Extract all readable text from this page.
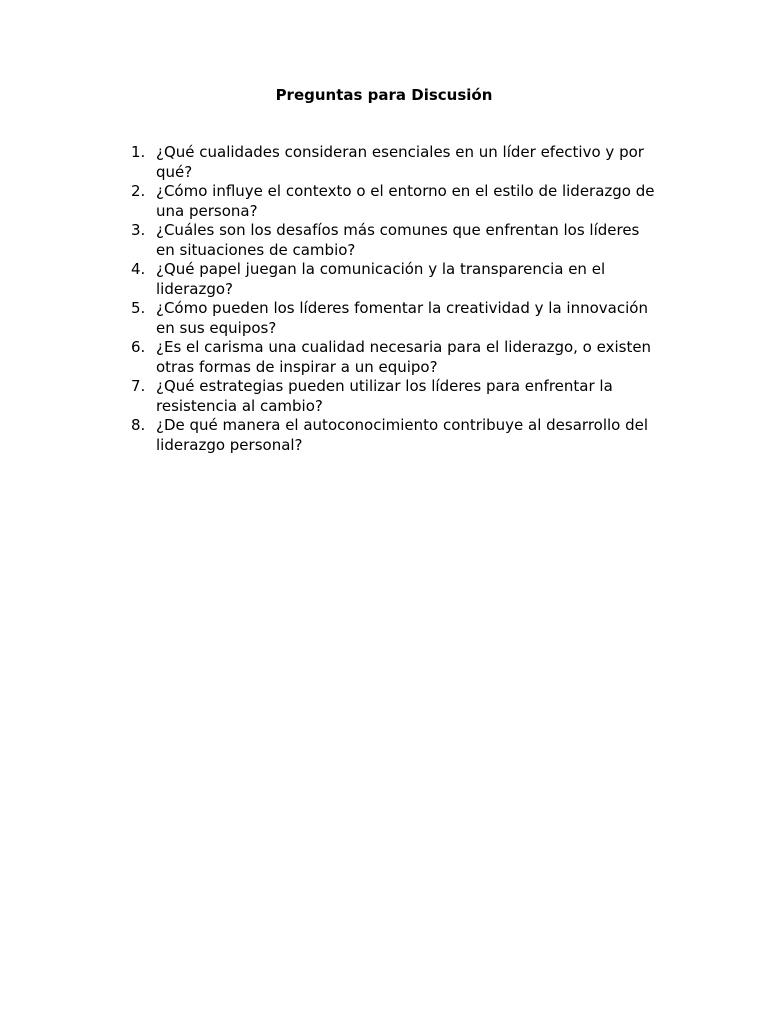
Preguntas para Discusión
1. ¿Qué cualidades consideran esenciales en un líder efectivo y por qué?
2. ¿Cómo influye el contexto o el entorno en el estilo de liderazgo de una persona?
3. ¿Cuáles son los desafíos más comunes que enfrentan los líderes en situaciones de cambio?
4. ¿Qué papel juegan la comunicación y la transparencia en el liderazgo?
5. ¿Cómo pueden los líderes fomentar la creatividad y la innovación en sus equipos?
6. ¿Es el carisma una cualidad necesaria para el liderazgo, o existen otras formas de inspirar a un equipo?
7. ¿Qué estrategias pueden utilizar los líderes para enfrentar la resistencia al cambio?
8. ¿De qué manera el autoconocimiento contribuye al desarrollo del liderazgo personal?
